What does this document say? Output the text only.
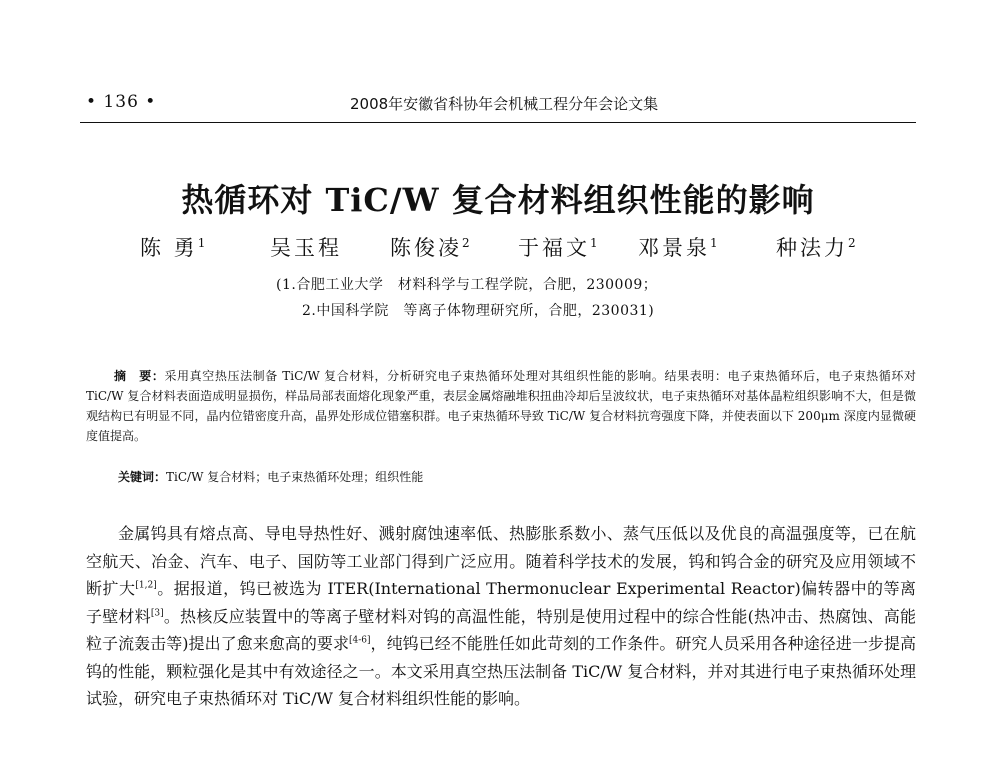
• 136 •	2008年安徽省科协年会机械工程分年会论文集
热循环对 TiC/W 复合材料组织性能的影响
陈 勇$^1$	吴玉程 陈俊凌$^2$ 于福文$^1$ 邓景泉$^1$	种法力$^2$
(1.合肥工业大学　材料科学与工程学院，合肥，230009；
2.中国科学院　等离子体物理研究所，合肥，230031)
摘　要：采用真空热压法制备 TiC/W 复合材料，分析研究电子束热循环处理对其组织性能的影响。结果表明：电子束热循环后，电子束热循环对 TiC/W 复合材料表面造成明显损伤，样品局部表面熔化现象严重，表层金属熔融堆积扭曲冷却后呈波纹状，电子束热循环对基体晶粒组织影响不大，但是微观结构已有明显不同，晶内位错密度升高，晶界处形成位错塞积群。电子束热循环导致 TiC/W 复合材料抗弯强度下降，并使表面以下 200μm 深度内显微硬度值提高。
关键词：TiC/W 复合材料；电子束热循环处理；组织性能
金属钨具有熔点高、导电导热性好、溅射腐蚀速率低、热膨胀系数小、蒸气压低以及优良的高温强度等，已在航空航天、冶金、汽车、电子、国防等工业部门得到广泛应用。随着科学技术的发展，钨和钨合金的研究及应用领域不断扩大[1,2]。据报道，钨已被选为 ITER(International Thermonuclear Experimental Reactor)偏转器中的等离子壁材料[3]。热核反应装置中的等离子壁材料对钨的高温性能，特别是使用过程中的综合性能(热冲击、热腐蚀、高能粒子流轰击等)提出了愈来愈高的要求[4-6]，纯钨已经不能胜任如此苛刻的工作条件。研究人员采用各种途径进一步提高钨的性能，颗粒强化是其中有效途径之一。本文采用真空热压法制备 TiC/W 复合材料，并对其进行电子束热循环处理试验，研究电子束热循环对 TiC/W 复合材料组织性能的影响。
